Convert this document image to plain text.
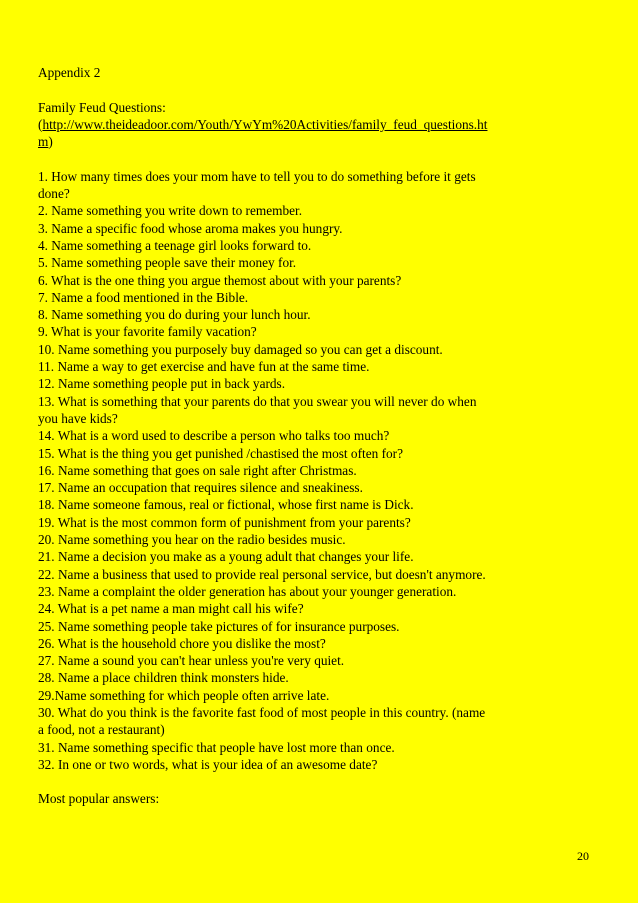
Appendix 2

Family Feud Questions:

(http://www.theideadoor.com/Youth/YwYm%20Activities/family_feud_questions.ht

m)

1. How many times does your mom have to tell you to do something before it gets

done?

2. Name something you write down to remember.

3. Name a specific food whose aroma makes you hungry.

4. Name something a teenage girl looks forward to.

5. Name something people save their money for.

6. What is the one thing you argue themost about with your parents?

7. Name a food mentioned in the Bible.

8. Name something you do during your lunch hour.

9. What is your favorite family vacation?

10. Name something you purposely buy damaged so you can get a discount.

11. Name a way to get exercise and have fun at the same time.

12. Name something people put in back yards.

13. What is something that your parents do that you swear you will never do when

you have kids?

14. What is a word used to describe a person who talks too much?

15. What is the thing you get punished /chastised the most often for?

16. Name something that goes on sale right after Christmas.

17. Name an occupation that requires silence and sneakiness.

18. Name someone famous, real or fictional, whose first name is Dick.

19. What is the most common form of punishment from your parents?

20. Name something you hear on the radio besides music.

21. Name a decision you make as a young adult that changes your life.

22. Name a business that used to provide real personal service, but doesn't anymore.

23. Name a complaint the older generation has about your younger generation.

24. What is a pet name a man might call his wife?

25. Name something people take pictures of for insurance purposes.

26. What is the household chore you dislike the most?

27. Name a sound you can't hear unless you're very quiet.

28. Name a place children think monsters hide.

29.Name something for which people often arrive late.

30. What do you think is the favorite fast food of most people in this country. (name

a food, not a restaurant)

31. Name something specific that people have lost more than once.

32. In one or two words, what is your idea of an awesome date?

Most popular answers:

20
